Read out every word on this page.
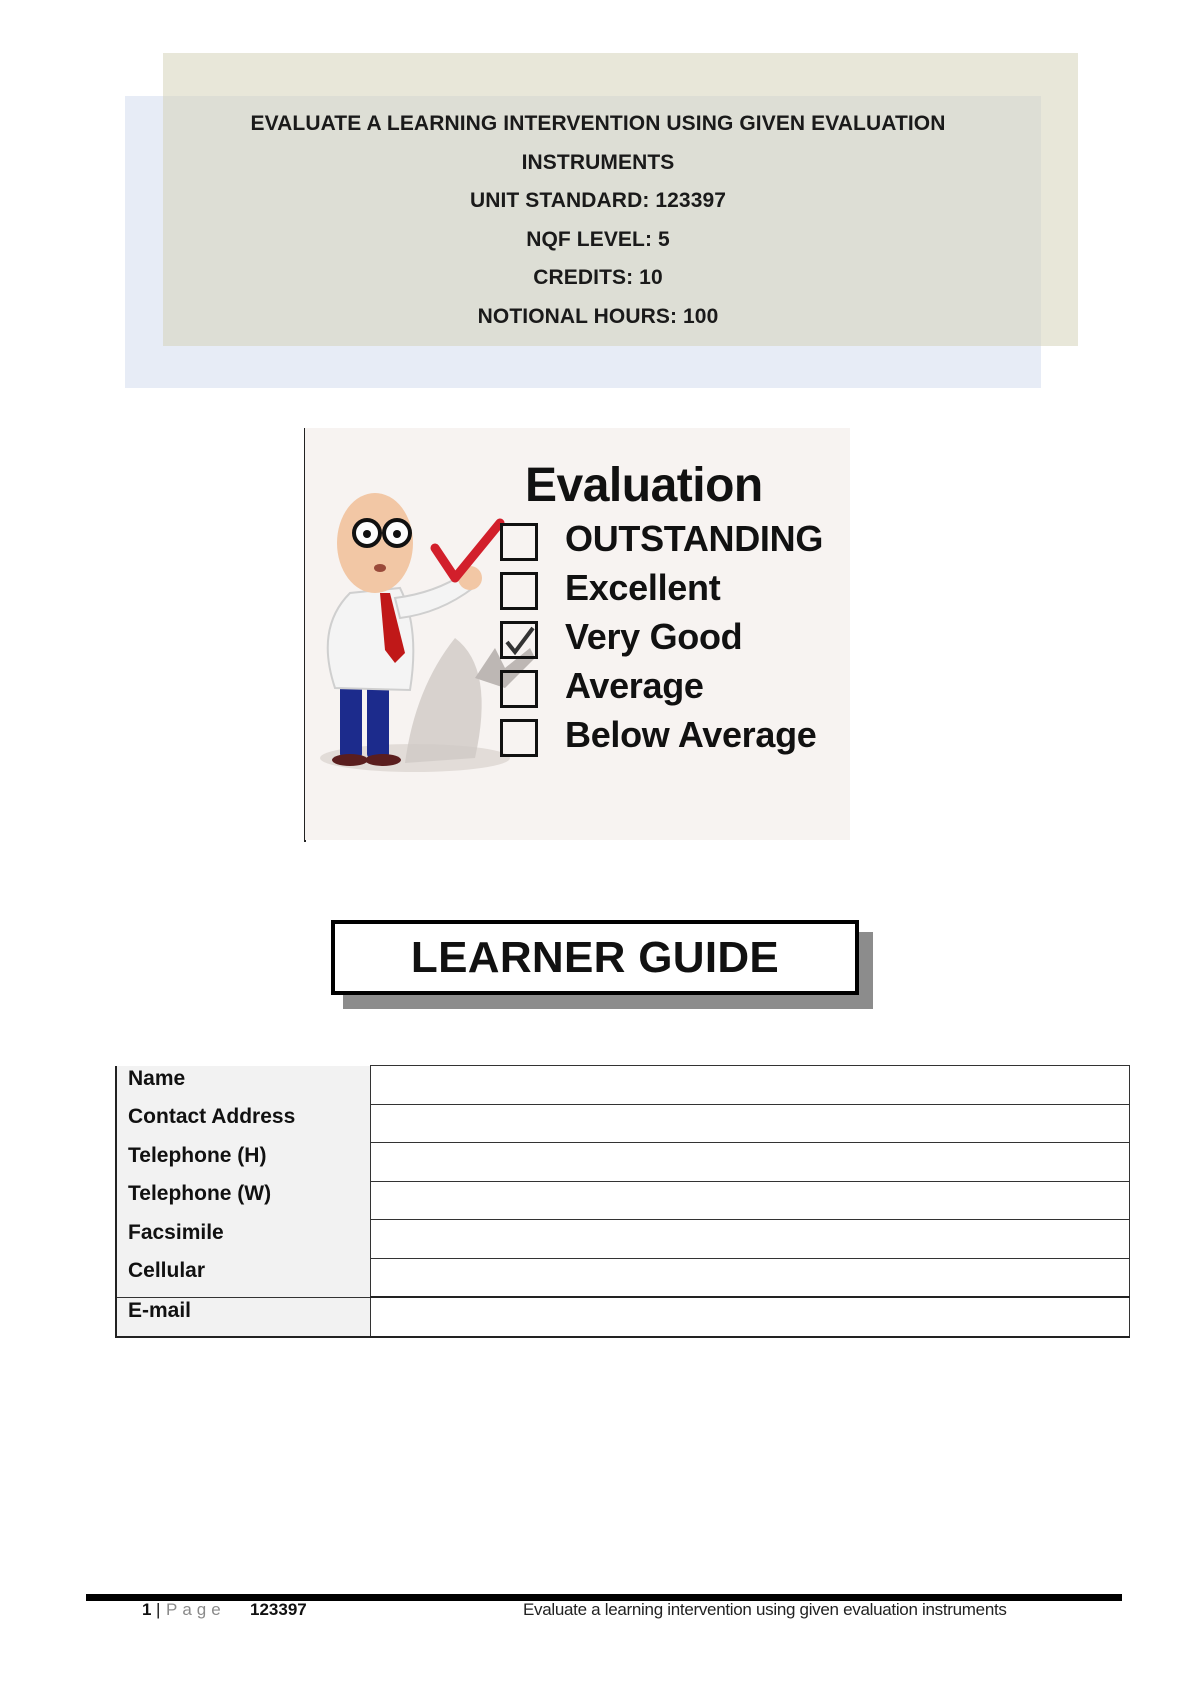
EVALUATE A LEARNING INTERVENTION USING GIVEN EVALUATION
INSTRUMENTS
UNIT STANDARD: 123397
NQF LEVEL: 5
CREDITS: 10
NOTIONAL HOURS: 100
Evaluation
OUTSTANDING
Excellent
Very Good
Average
Below Average
LEARNER GUIDE
Name	
Contact Address	
Telephone (H)	
Telephone (W)	
Facsimile	
Cellular	
E-mail	
1 | Page 123397	Evaluate a learning intervention using given evaluation instruments
